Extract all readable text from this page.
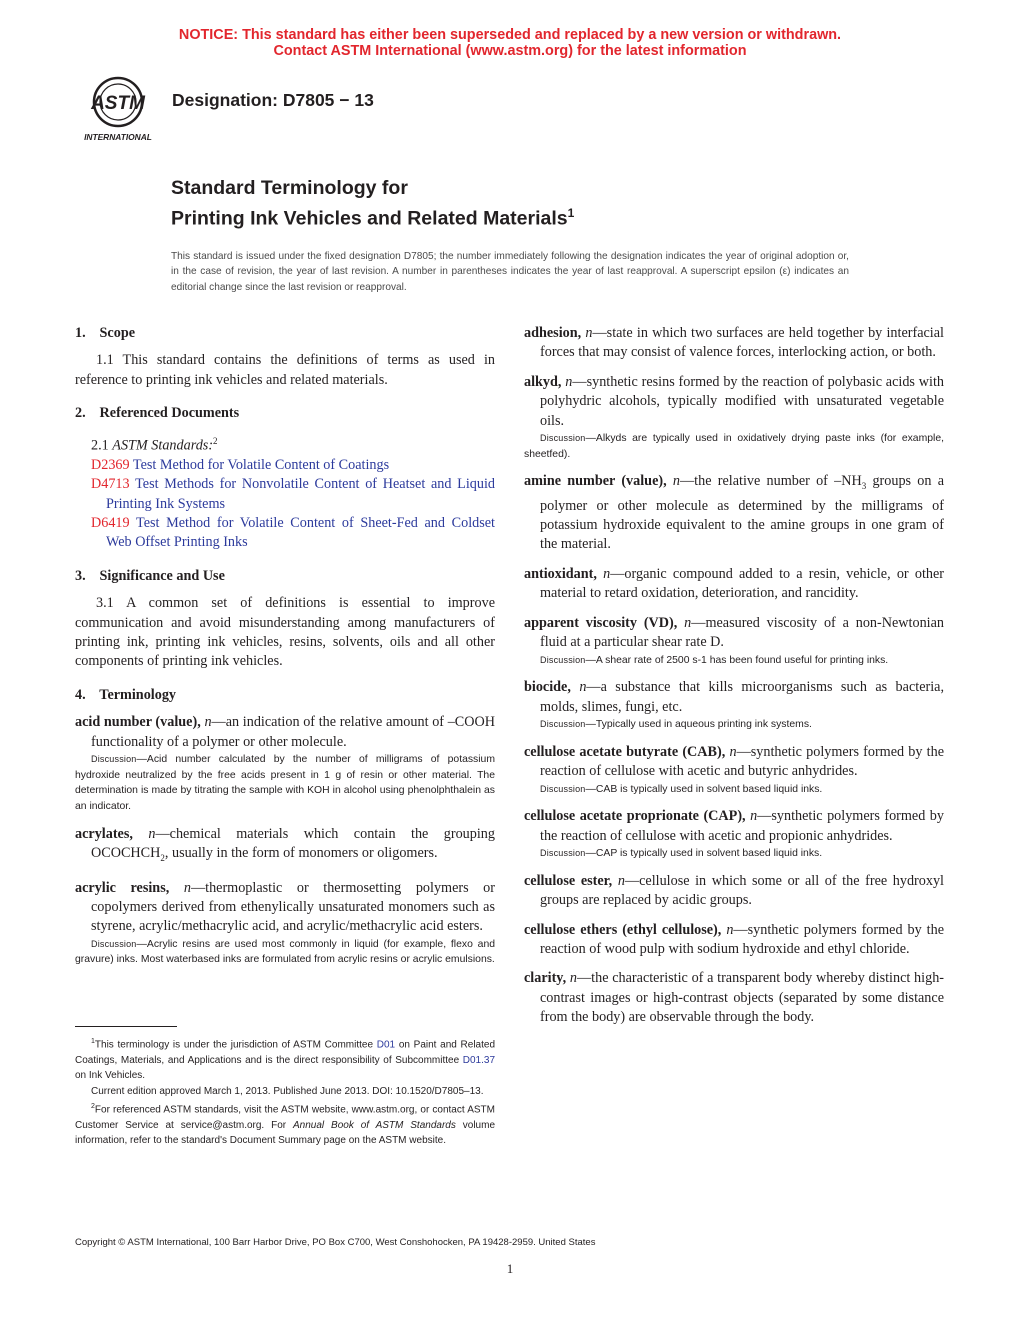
NOTICE: This standard has either been superseded and replaced by a new version or withdrawn.
Contact ASTM International (www.astm.org) for the latest information
ASTM
INTERNATIONAL
Designation: D7805 − 13
Standard Terminology for
Printing Ink Vehicles and Related Materials$^1$
This standard is issued under the fixed designation D7805; the number immediately following the designation indicates the year of original adoption or, in the case of revision, the year of last revision. A number in parentheses indicates the year of last reapproval. A superscript epsilon (ε) indicates an editorial change since the last revision or reapproval.
1. Scope

1.1 This standard contains the definitions of terms as used in reference to printing ink vehicles and related materials.

2. Referenced Documents

2.1 ASTM Standards:$^2$

D2369 Test Method for Volatile Content of Coatings

D4713 Test Methods for Nonvolatile Content of Heatset and Liquid Printing Ink Systems

D6419 Test Method for Volatile Content of Sheet-Fed and Coldset Web Offset Printing Inks

3. Significance and Use

3.1 A common set of definitions is essential to improve communication and avoid misunderstanding among manufacturers of printing ink, printing ink vehicles, resins, solvents, oils and all other components of printing ink vehicles.

4. Terminology

acid number (value), n—an indication of the relative amount of –COOH functionality of a polymer or other molecule.

Discussion—Acid number calculated by the number of milligrams of potassium hydroxide neutralized by the free acids present in 1 g of resin or other material. The determination is made by titrating the sample with KOH in alcohol using phenolphthalein as an indicator.

acrylates, n—chemical materials which contain the grouping $OCOCHCH_2$, usually in the form of monomers or oligomers.

acrylic resins, n—thermoplastic or thermosetting polymers or copolymers derived from ethenylically unsaturated monomers such as styrene, acrylic/methacrylic acid, and acrylic/methacrylic acid esters.

Discussion—Acrylic resins are used most commonly in liquid (for example, flexo and gravure) inks. Most waterbased inks are formulated from acrylic resins or acrylic emulsions.

adhesion, n—state in which two surfaces are held together by interfacial forces that may consist of valence forces, interlocking action, or both.

alkyd, n—synthetic resins formed by the reaction of polybasic acids with polyhydric alcohols, typically modified with unsaturated vegetable oils.

Discussion—Alkyds are typically used in oxidatively drying paste inks (for example, sheetfed).

amine number (value), n—the relative number of $-NH_3$ groups on a polymer or other molecule as determined by the milligrams of potassium hydroxide equivalent to the amine groups in one gram of the material.

antioxidant, n—organic compound added to a resin, vehicle, or other material to retard oxidation, deterioration, and rancidity.

apparent viscosity (VD), n—measured viscosity of a non-Newtonian fluid at a particular shear rate D.

Discussion—A shear rate of 2500 s-1 has been found useful for printing inks.

biocide, n—a substance that kills microorganisms such as bacteria, molds, slimes, fungi, etc.

Discussion—Typically used in aqueous printing ink systems.

cellulose acetate butyrate (CAB), n—synthetic polymers formed by the reaction of cellulose with acetic and butyric anhydrides.

Discussion—CAB is typically used in solvent based liquid inks.

cellulose acetate proprionate (CAP), n—synthetic polymers formed by the reaction of cellulose with acetic and propionic anhydrides.

Discussion—CAP is typically used in solvent based liquid inks.

cellulose ester, n—cellulose in which some or all of the free hydroxyl groups are replaced by acidic groups.

cellulose ethers (ethyl cellulose), n—synthetic polymers formed by the reaction of wood pulp with sodium hydroxide and ethyl chloride.

clarity, n—the characteristic of a transparent body whereby distinct high-contrast images or high-contrast objects (separated by some distance from the body) are observable through the body.

$^1$This terminology is under the jurisdiction of ASTM Committee D01 on Paint and Related Coatings, Materials, and Applications and is the direct responsibility of Subcommittee D01.37 on Ink Vehicles.

Current edition approved March 1, 2013. Published June 2013. DOI: 10.1520/D7805–13.

$^2$For referenced ASTM standards, visit the ASTM website, www.astm.org, or contact ASTM Customer Service at service@astm.org. For Annual Book of ASTM Standards volume information, refer to the standard's Document Summary page on the ASTM website.

Copyright © ASTM International, 100 Barr Harbor Drive, PO Box C700, West Conshohocken, PA 19428-2959. United States
1
